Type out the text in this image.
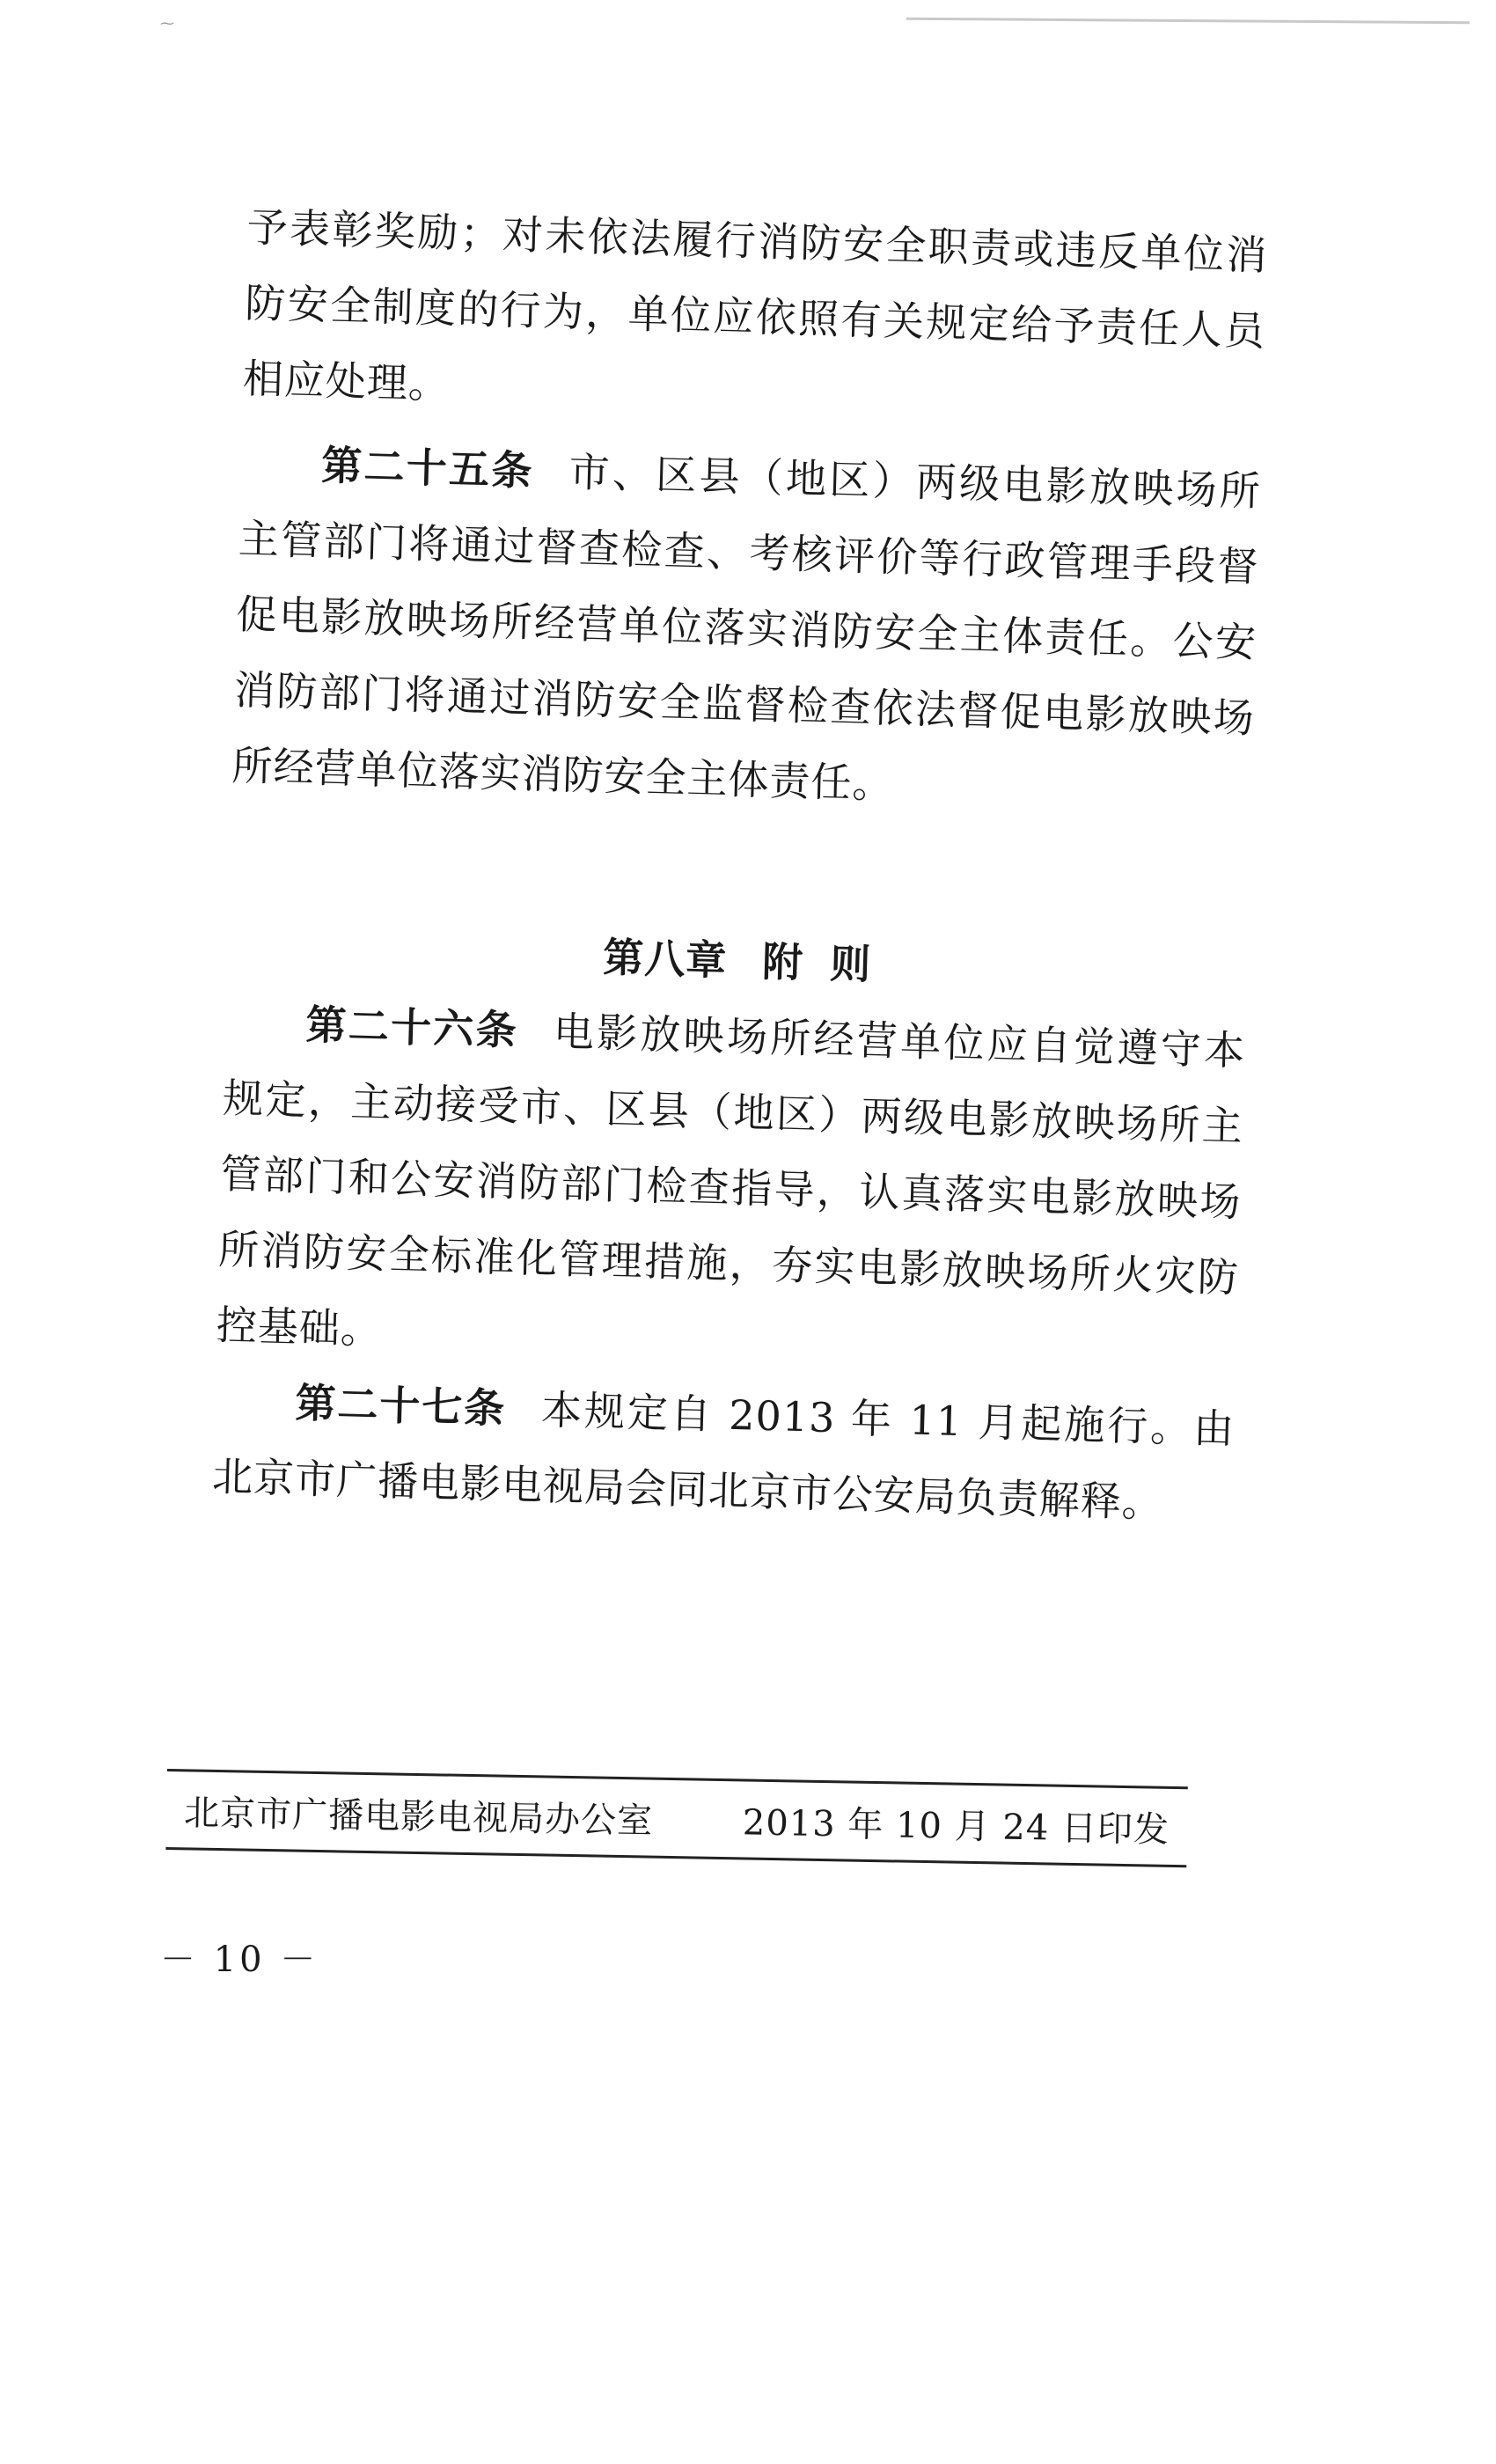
⁓

予表彰奖励；对未依法履行消防安全职责或违反单位消防安全制度的行为，单位应依照有关规定给予责任人员相应处理。

第二十五条 市、区县（地区）两级电影放映场所主管部门将通过督查检查、考核评价等行政管理手段督促电影放映场所经营单位落实消防安全主体责任。公安消防部门将通过消防安全监督检查依法督促电影放映场所经营单位落实消防安全主体责任。

第八章 附 则

第二十六条 电影放映场所经营单位应自觉遵守本规定，主动接受市、区县（地区）两级电影放映场所主管部门和公安消防部门检查指导，认真落实电影放映场所消防安全标准化管理措施，夯实电影放映场所火灾防控基础。

第二十七条 本规定自 2013 年 11 月起施行。由北京市广播电影电视局会同北京市公安局负责解释。

北京市广播电影电视局办公室	2013 年 10 月 24 日印发
－ 10 －
